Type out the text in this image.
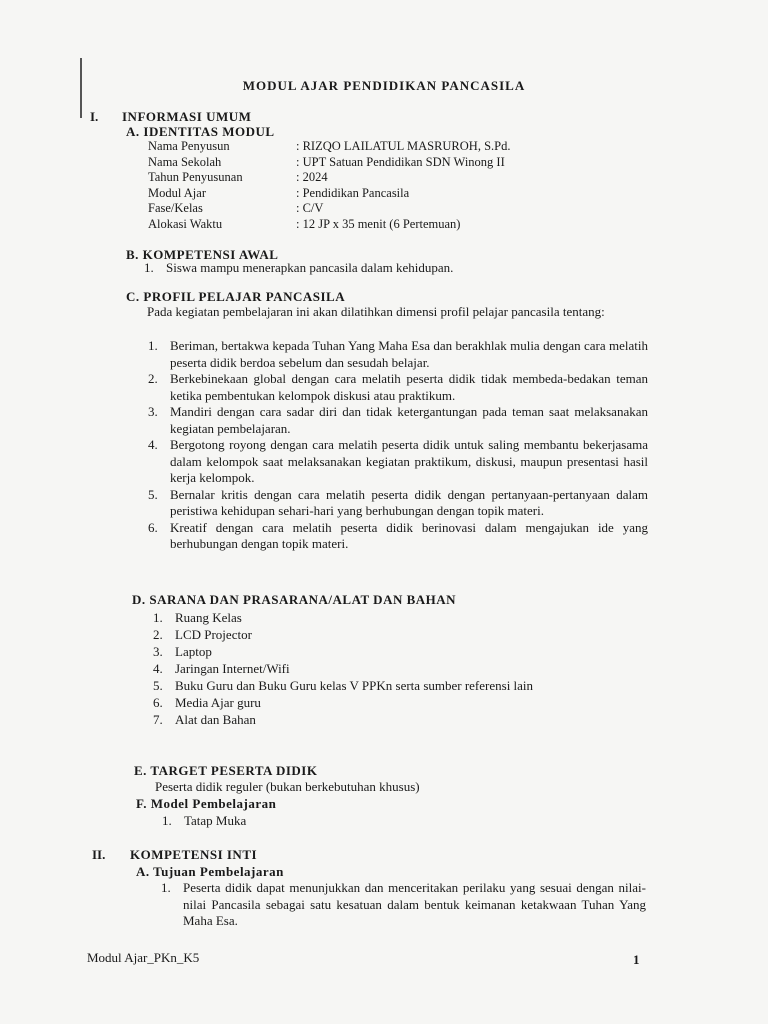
MODUL AJAR PENDIDIKAN PANCASILA
I. INFORMASI UMUM
A. IDENTITAS MODUL
Nama Penyusun	: RIZQO LAILATUL MASRUROH, S.Pd.
Nama Sekolah	: UPT Satuan Pendidikan SDN Winong II
Tahun Penyusunan	: 2024
Modul Ajar	: Pendidikan Pancasila
Fase/Kelas	: C/V
Alokasi Waktu	: 12 JP x 35 menit (6 Pertemuan)
B. KOMPETENSI AWAL
1. Siswa mampu menerapkan pancasila dalam kehidupan.
C. PROFIL PELAJAR PANCASILA
Pada kegiatan pembelajaran ini akan dilatihkan dimensi profil pelajar pancasila tentang:
1. Beriman, bertakwa kepada Tuhan Yang Maha Esa dan berakhlak mulia dengan cara melatih peserta didik berdoa sebelum dan sesudah belajar.
2. Berkebinekaan global dengan cara melatih peserta didik tidak membeda-bedakan teman ketika pembentukan kelompok diskusi atau praktikum.
3. Mandiri dengan cara sadar diri dan tidak ketergantungan pada teman saat melaksanakan kegiatan pembelajaran.
4. Bergotong royong dengan cara melatih peserta didik untuk saling membantu bekerjasama dalam kelompok saat melaksanakan kegiatan praktikum, diskusi, maupun presentasi hasil kerja kelompok.
5. Bernalar kritis dengan cara melatih peserta didik dengan pertanyaan-pertanyaan dalam peristiwa kehidupan sehari-hari yang berhubungan dengan topik materi.
6. Kreatif dengan cara melatih peserta didik berinovasi dalam mengajukan ide yang berhubungan dengan topik materi.
D. SARANA DAN PRASARANA/ALAT DAN BAHAN
1. Ruang Kelas
2. LCD Projector
3. Laptop
4. Jaringan Internet/Wifi
5. Buku Guru dan Buku Guru kelas V PPKn serta sumber referensi lain
6. Media Ajar guru
7. Alat dan Bahan
E. TARGET PESERTA DIDIK
Peserta didik reguler (bukan berkebutuhan khusus)
F. Model Pembelajaran
1. Tatap Muka
II. KOMPETENSI INTI
A. Tujuan Pembelajaran
1. Peserta didik dapat menunjukkan dan menceritakan perilaku yang sesuai dengan nilai-nilai Pancasila sebagai satu kesatuan dalam bentuk keimanan ketakwaan Tuhan Yang Maha Esa.
Modul Ajar_PKn_K5	1
